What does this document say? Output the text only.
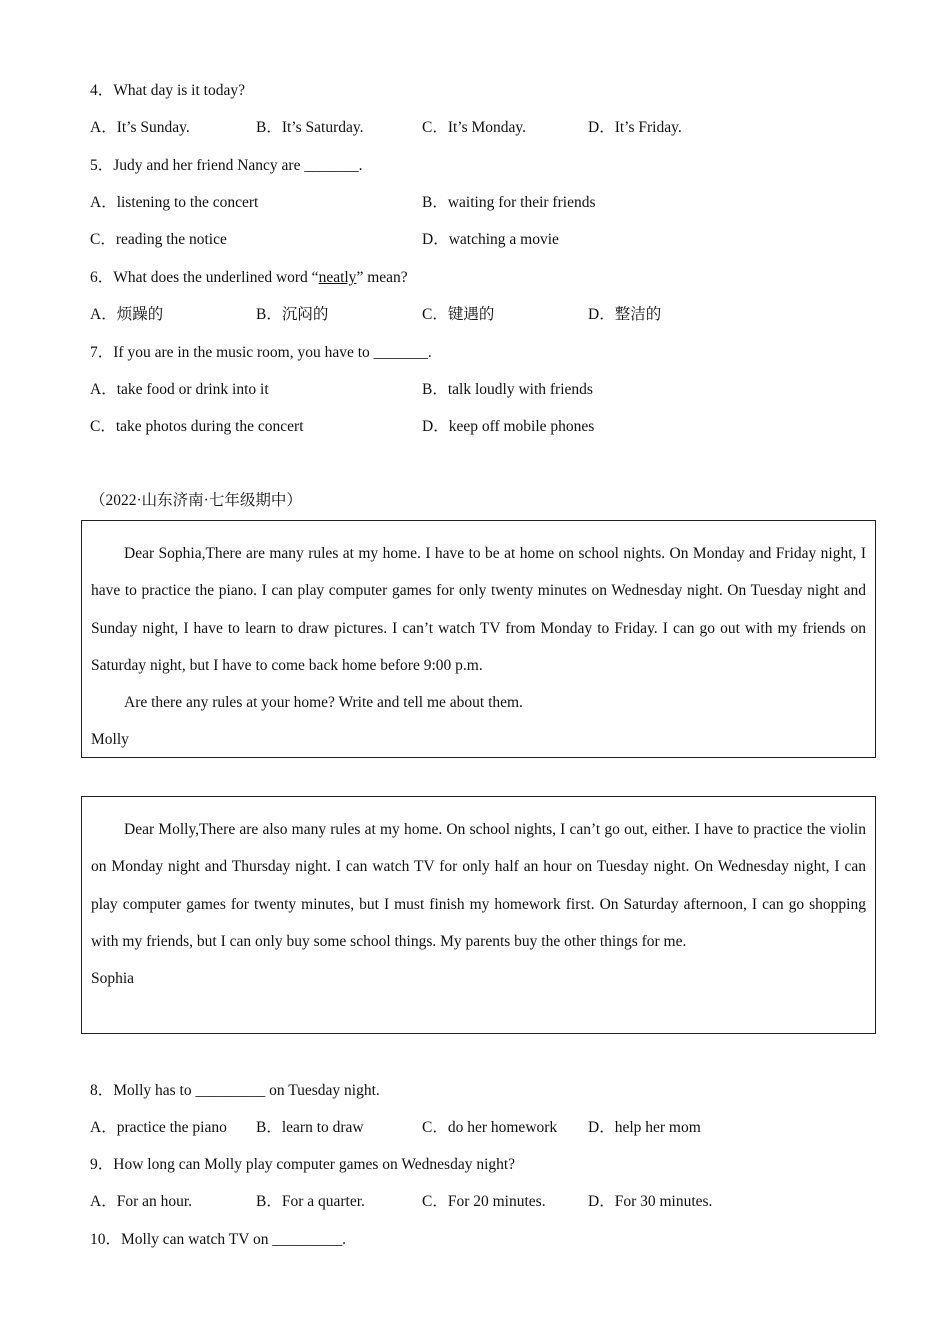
4．What day is it today?
A．It’s Sunday.	B．It’s Saturday.	C．It’s Monday.	D．It’s Friday.
5．Judy and her friend Nancy are _______.
A．listening to the concert	B．waiting for their friends
C．reading the notice	D．watching a movie
6．What does the underlined word “neatly” mean?
A．烦躁的	B．沉闷的	C．键遇的	D．整洁的
7．If you are in the music room, you have to _______.
A．take food or drink into it	B．talk loudly with friends
C．take photos during the concert	D．keep off mobile phones
（2022·山东济南·七年级期中）

Dear Sophia,There are many rules at my home. I have to be at home on school nights. On Monday and Friday night, I have to practice the piano. I can play computer games for only twenty minutes on Wednesday night. On Tuesday night and Sunday night, I have to learn to draw pictures. I can’t watch TV from Monday to Friday. I can go out with my friends on Saturday night, but I have to come back home before 9:00 p.m.

Are there any rules at your home? Write and tell me about them.

Molly

Dear Molly,There are also many rules at my home. On school nights, I can’t go out, either. I have to practice the violin on Monday night and Thursday night. I can watch TV for only half an hour on Tuesday night. On Wednesday night, I can play computer games for twenty minutes, but I must finish my homework first. On Saturday afternoon, I can go shopping with my friends, but I can only buy some school things. My parents buy the other things for me.

Sophia

8．Molly has to _________ on Tuesday night.
A．practice the piano B．learn to draw	C．do her homework D．help her mom
9．How long can Molly play computer games on Wednesday night?
A．For an hour.	B．For a quarter.	C．For 20 minutes.	D．For 30 minutes.
10．Molly can watch TV on _________.
